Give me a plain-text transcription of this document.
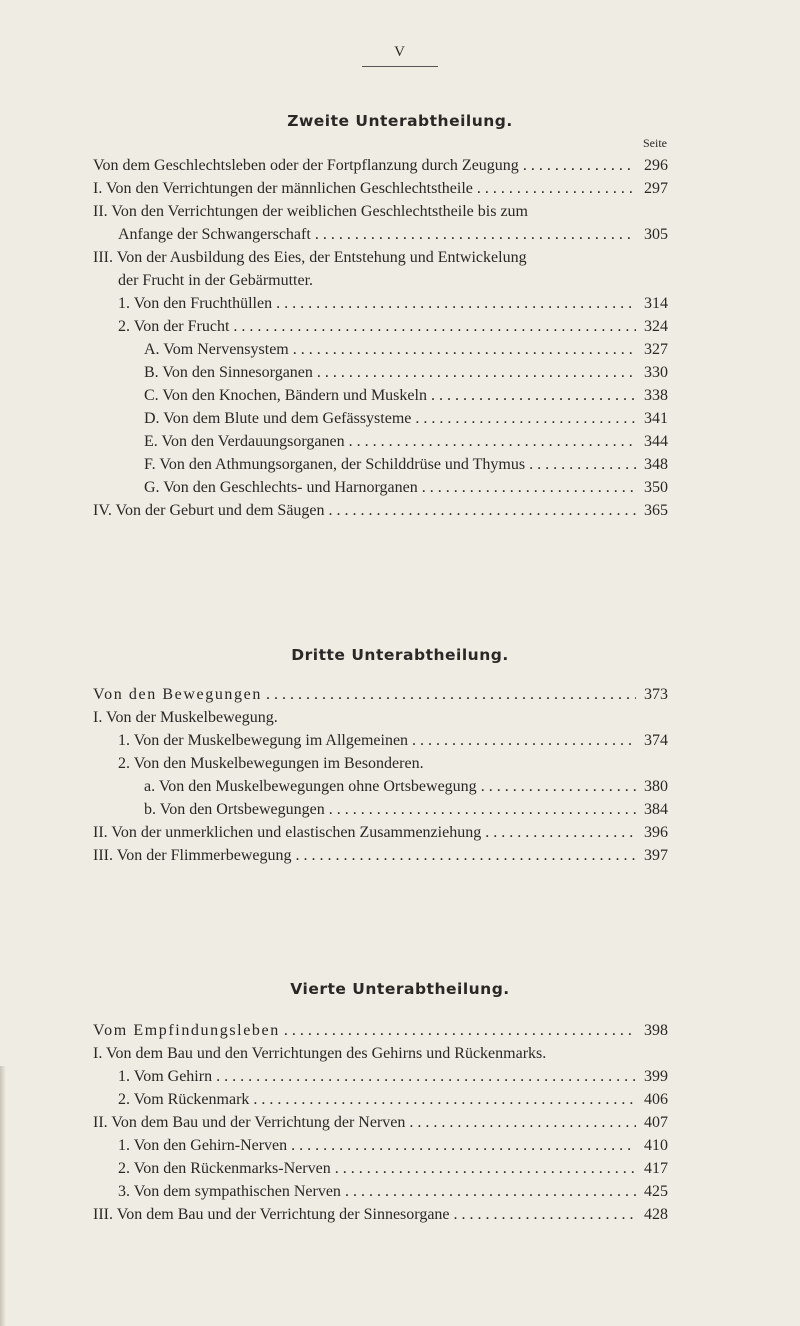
V
Zweite Unterabtheilung.
Seite
Von dem Geschlechtsleben oder der Fortpflanzung durch Zeugung . . .	296
I. Von den Verrichtungen der männlichen Geschlechtstheile . . .	297
II. Von den Verrichtungen der weiblichen Geschlechtstheile bis zum
Anfange der Schwangerschaft . . .	305
III. Von der Ausbildung des Eies, der Entstehung und Entwickelung
der Frucht in der Gebärmutter.
1. Von den Fruchthüllen . . .	314
2. Von der Frucht . . .	324
A. Vom Nervensystem . . .	327
B. Von den Sinnesorganen . . .	330
C. Von den Knochen, Bändern und Muskeln . . .	338
D. Von dem Blute und dem Gefässysteme . . .	341
E. Von den Verdauungsorganen . . .	344
F. Von den Athmungsorganen, der Schilddrüse und Thymus . . .	348
G. Von den Geschlechts- und Harnorganen . . .	350
IV. Von der Geburt und dem Säugen . . .	365
Dritte Unterabtheilung.
Von den Bewegungen . . .	373
I. Von der Muskelbewegung.
1. Von der Muskelbewegung im Allgemeinen . . .	374
2. Von den Muskelbewegungen im Besonderen.
a. Von den Muskelbewegungen ohne Ortsbewegung . . .	380
b. Von den Ortsbewegungen . . .	384
II. Von der unmerklichen und elastischen Zusammenziehung . . .	396
III. Von der Flimmerbewegung . . .	397
Vierte Unterabtheilung.
Vom Empfindungsleben . . .	398
I. Von dem Bau und den Verrichtungen des Gehirns und Rückenmarks.
1. Vom Gehirn . . .	399
2. Vom Rückenmark . . .	406
II. Von dem Bau und der Verrichtung der Nerven . . .	407
1. Von den Gehirn-Nerven . . .	410
2. Von den Rückenmarks-Nerven . . .	417
3. Von dem sympathischen Nerven . . .	425
III. Von dem Bau und der Verrichtung der Sinnesorgane . . .	428
